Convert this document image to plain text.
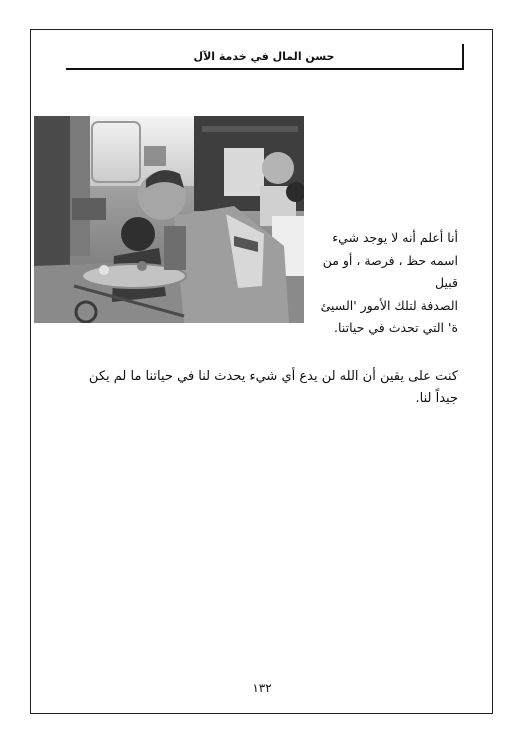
حسن المال في خدمة الآل
أنا أعلم أنه لا يوجد شيء
اسمه حظ ، فرصة ، أو من
قبيل
الصدفة لتلك الأمور 'السيئ
ة' التي تحدث في حياتنا.
كنت على يقين أن الله لن يدع أي شيء يحدث لنا في حياتنا ما لم يكن
جيداً لنا.
١٣٢
